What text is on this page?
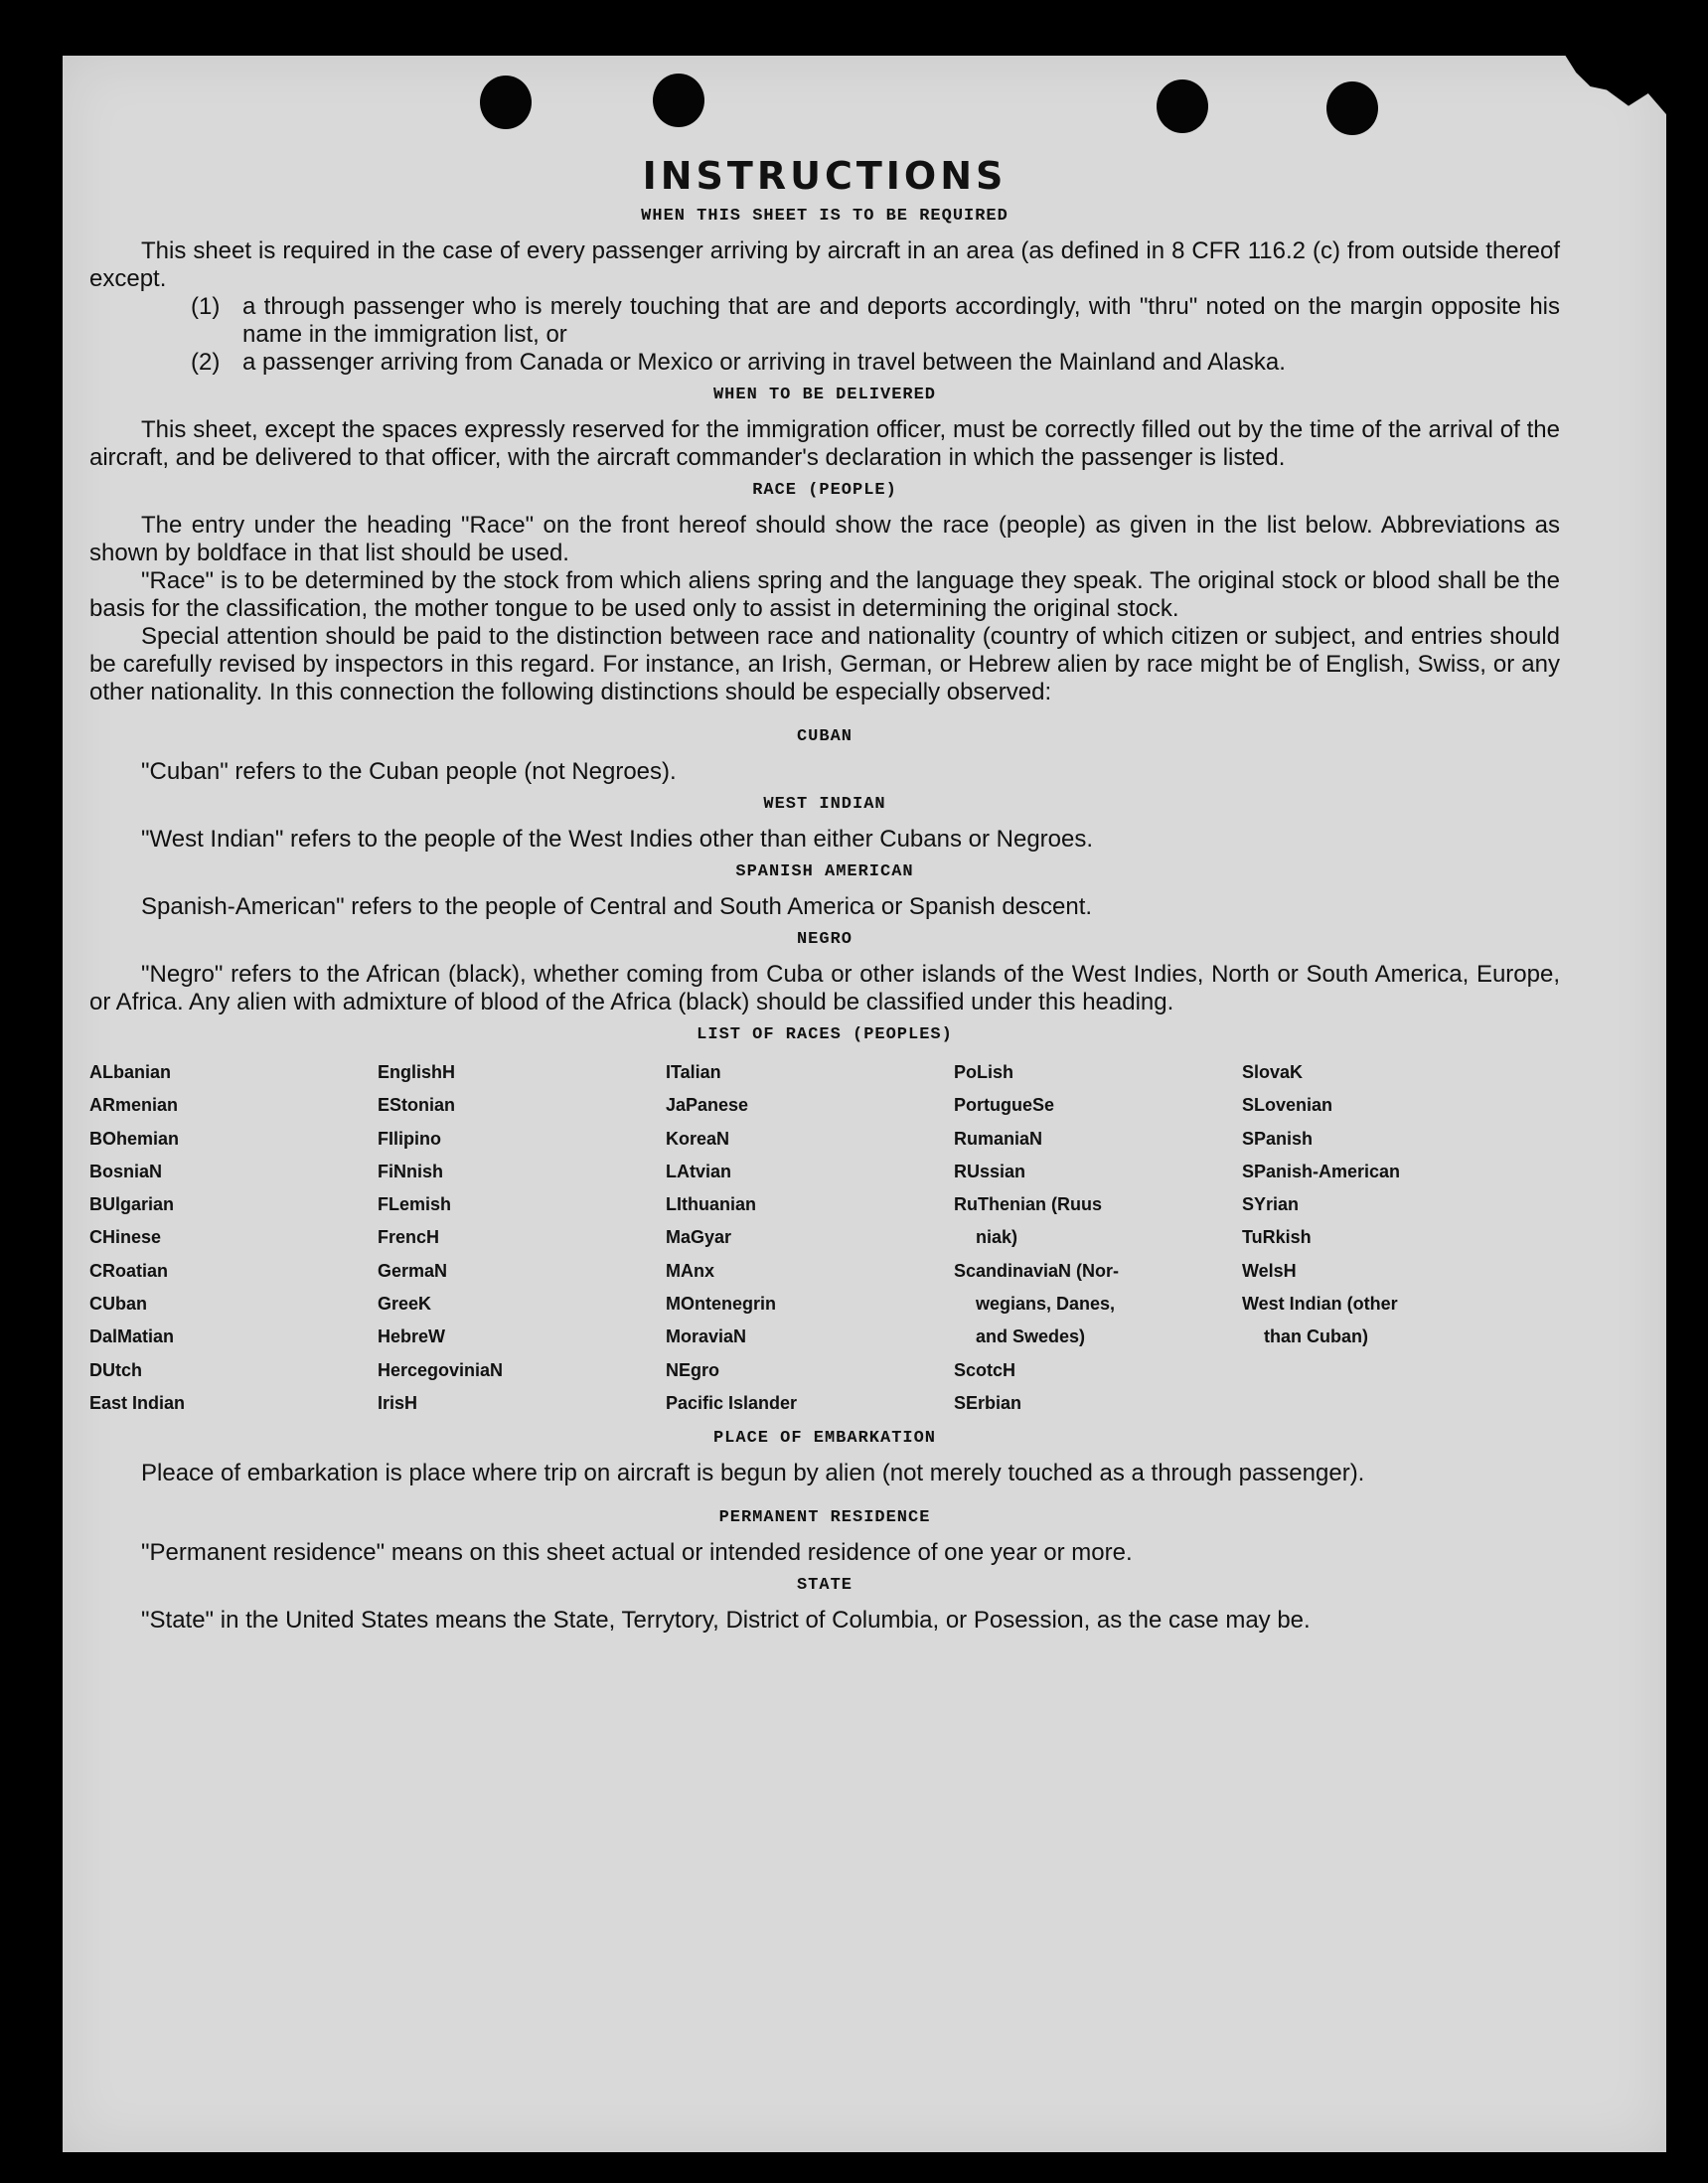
INSTRUCTIONS
WHEN THIS SHEET IS TO BE REQUIRED

This sheet is required in the case of every passenger arriving by aircraft in an area (as defined in 8 CFR 116.2 (c) from outside thereof except.

(1) a through passenger who is merely touching that are and deports accordingly, with "thru" noted on the margin opposite his name in the immigration list, or
(2) a passenger arriving from Canada or Mexico or arriving in travel between the Mainland and Alaska.
WHEN TO BE DELIVERED

This sheet, except the spaces expressly reserved for the immigration officer, must be correctly filled out by the time of the arrival of the aircraft, and be delivered to that officer, with the aircraft commander's declaration in which the passenger is listed.

RACE (PEOPLE)

The entry under the heading "Race" on the front hereof should show the race (people) as given in the list below. Abbreviations as shown by boldface in that list should be used.

"Race" is to be determined by the stock from which aliens spring and the language they speak. The original stock or blood shall be the basis for the classification, the mother tongue to be used only to assist in determining the original stock.

Special attention should be paid to the distinction between race and nationality (country of which citizen or subject, and entries should be carefully revised by inspectors in this regard. For instance, an Irish, German, or Hebrew alien by race might be of English, Swiss, or any other nationality. In this connection the following distinctions should be especially observed:

CUBAN

"Cuban" refers to the Cuban people (not Negroes).

WEST INDIAN

"West Indian" refers to the people of the West Indies other than either Cubans or Negroes.

SPANISH AMERICAN

Spanish-American" refers to the people of Central and South America or Spanish descent.

NEGRO

"Negro" refers to the African (black), whether coming from Cuba or other islands of the West Indies, North or South America, Europe, or Africa. Any alien with admixture of blood of the Africa (black) should be classified under this heading.

LIST OF RACES (PEOPLES)
ALbanian
ARmenian
BOhemian
BosniaN
BUlgarian
CHinese
CRoatian
CUban
DalMatian
DUtch
East Indian
EnglishH
EStonian
FIlipino
FiNnish
FLemish
FrencH
GermaN
GreeK
HebreW
HercegoviniaN
IrisH
ITalian
JaPanese
KoreaN
LAtvian
LIthuanian
MaGyar
MAnx
MOntenegrin
MoraviaN
NEgro
Pacific Islander
PoLish
PortugueSe
RumaniaN
RUssian
RuThenian (Ruus
niak)
ScandinaviaN (Nor-
wegians, Danes,
and Swedes)
ScotcH
SErbian
SlovaK
SLovenian
SPanish
SPanish-American
SYrian
TuRkish
WelsH
West Indian (other
than Cuban)
PLACE OF EMBARKATION

Pleace of embarkation is place where trip on aircraft is begun by alien (not merely touched as a through passenger).

PERMANENT RESIDENCE

"Permanent residence" means on this sheet actual or intended residence of one year or more.

STATE

"State" in the United States means the State, Terrytory, District of Columbia, or Posession, as the case may be.
